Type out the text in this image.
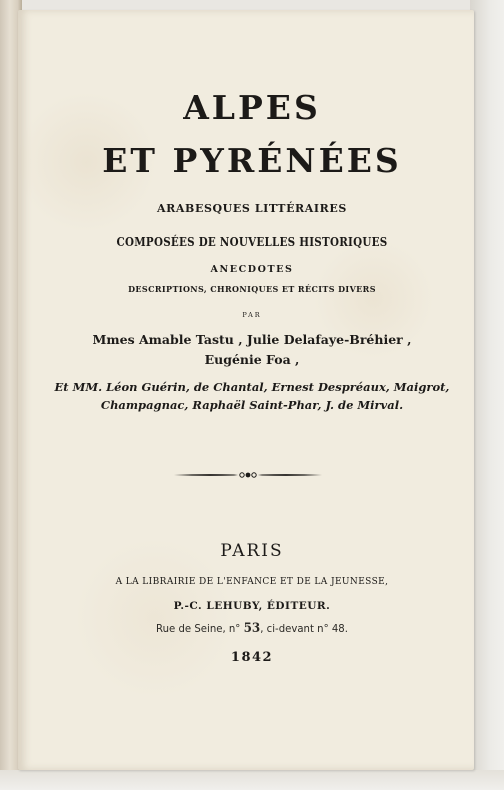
ALPES
ET PYRÉNÉES
ARABESQUES LITTÉRAIRES
COMPOSÉES DE NOUVELLES HISTORIQUES
ANECDOTES
DESCRIPTIONS, CHRONIQUES ET RÉCITS DIVERS
PAR
Mmes Amable Tastu , Julie Delafaye-Bréhier ,
Eugénie Foa ,
Et MM. Léon Guérin, de Chantal, Ernest Despréaux, Maigrot,
Champagnac, Raphaël Saint-Phar, J. de Mirval.
PARIS
A LA LIBRAIRIE DE L'ENFANCE ET DE LA JEUNESSE,
P.-C. LEHUBY, ÉDITEUR.
Rue de Seine, n° 53, ci-devant n° 48.
1842
